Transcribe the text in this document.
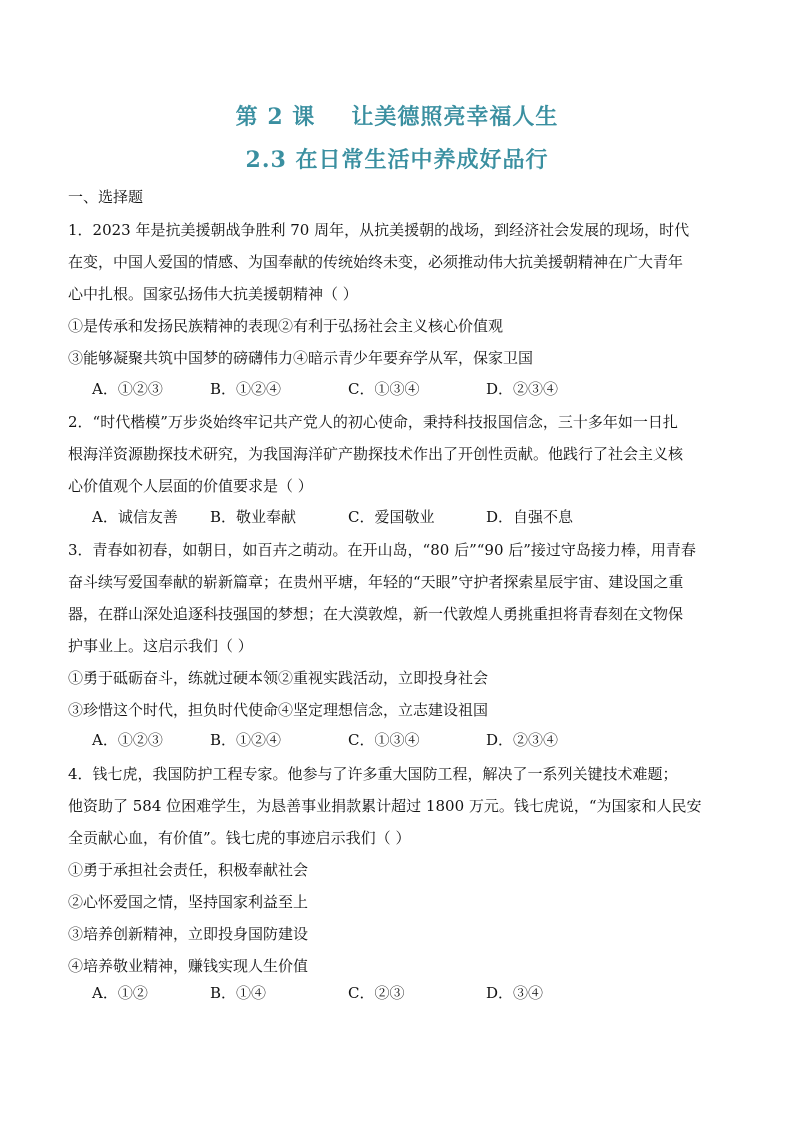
第 2 课 让美德照亮幸福人生
2.3 在日常生活中养成好品行
一、选择题

1．2023 年是抗美援朝战争胜利 70 周年，从抗美援朝的战场，到经济社会发展的现场，时代

在变，中国人爱国的情感、为国奉献的传统始终未变，必须推动伟大抗美援朝精神在广大青年

心中扎根。国家弘扬伟大抗美援朝精神（ ）

①是传承和发扬民族精神的表现②有利于弘扬社会主义核心价值观

③能够凝聚共筑中国梦的磅礴伟力④暗示青少年要弃学从军，保家卫国

A．①②③	B．①②④	C．①③④	D．②③④

2．“时代楷模”万步炎始终牢记共产党人的初心使命，秉持科技报国信念，三十多年如一日扎

根海洋资源勘探技术研究，为我国海洋矿产勘探技术作出了开创性贡献。他践行了社会主义核

心价值观个人层面的价值要求是（ ）

A．诚信友善 B．敬业奉献	C．爱国敬业	D．自强不息

3．青春如初春，如朝日，如百卉之萌动。在开山岛，“80 后”“90 后”接过守岛接力棒，用青春

奋斗续写爱国奉献的崭新篇章；在贵州平塘，年轻的“天眼”守护者探索星辰宇宙、建设国之重

器，在群山深处追逐科技强国的梦想；在大漠敦煌，新一代敦煌人勇挑重担将青春刻在文物保

护事业上。这启示我们（ ）

①勇于砥砺奋斗，练就过硬本领②重视实践活动，立即投身社会

③珍惜这个时代，担负时代使命④坚定理想信念，立志建设祖国

A．①②③	B．①②④	C．①③④	D．②③④

4．钱七虎，我国防护工程专家。他参与了许多重大国防工程，解决了一系列关键技术难题；

他资助了 584 位困难学生，为恳善事业捐款累计超过 1800 万元。钱七虎说，“为国家和人民安

全贡献心血，有价值”。钱七虎的事迹启示我们（ ）

①勇于承担社会责任，积极奉献社会

②心怀爱国之情，坚持国家利益至上

③培养创新精神，立即投身国防建设

④培养敬业精神，赚钱实现人生价值

A．①②	B．①④	C．②③	D．③④
